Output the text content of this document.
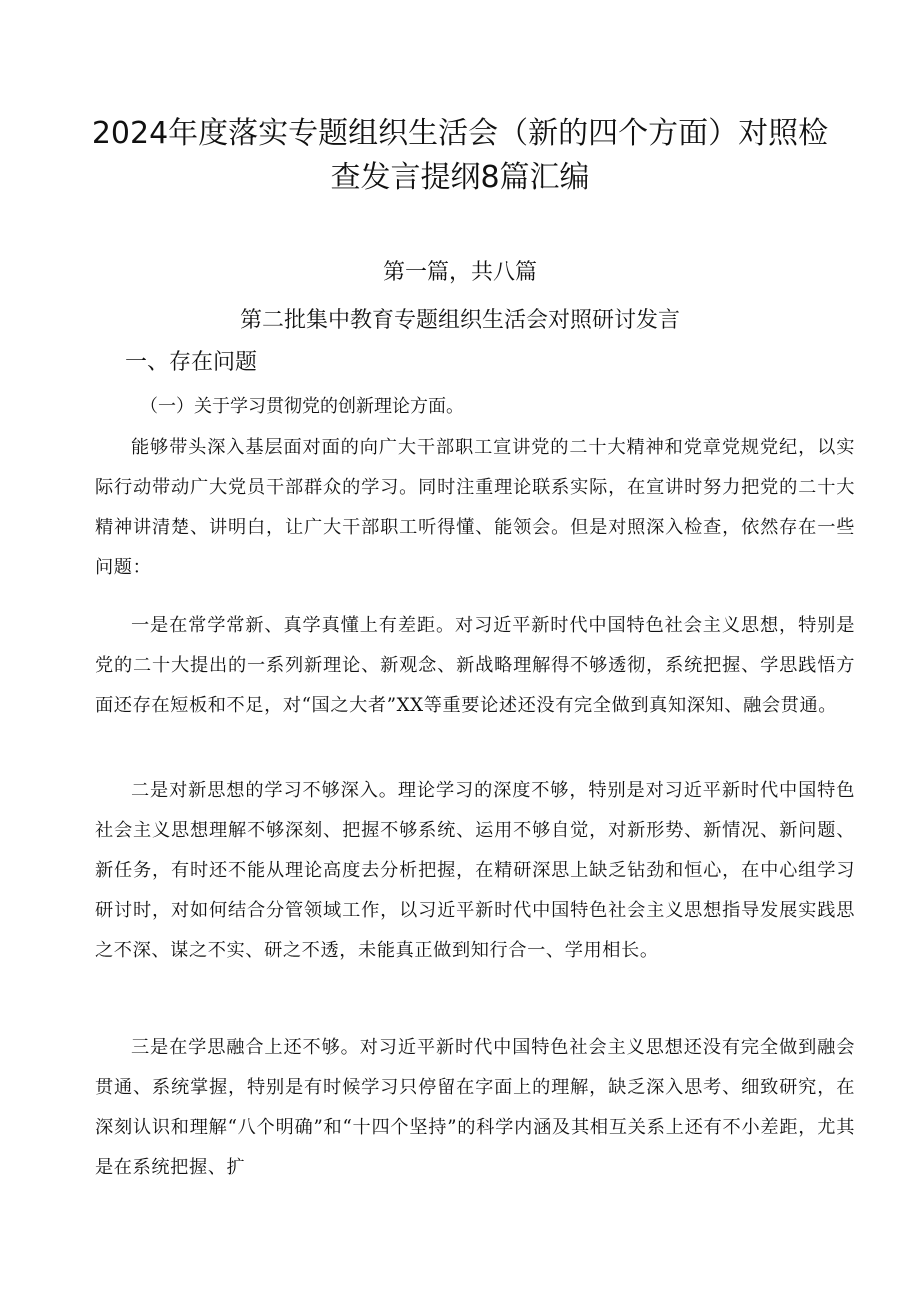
2024年度落实专题组织生活会（新的四个方面）对照检查发言提纲8篇汇编
第一篇，共八篇
第二批集中教育专题组织生活会对照研讨发言
一、存在问题

（一）关于学习贯彻党的创新理论方面。

能够带头深入基层面对面的向广大干部职工宣讲党的二十大精神和党章党规党纪，以实际行动带动广大党员干部群众的学习。同时注重理论联系实际，在宣讲时努力把党的二十大精神讲清楚、讲明白，让广大干部职工听得懂、能领会。但是对照深入检查，依然存在一些问题：

一是在常学常新、真学真懂上有差距。对习近平新时代中国特色社会主义思想，特别是党的二十大提出的一系列新理论、新观念、新战略理解得不够透彻，系统把握、学思践悟方面还存在短板和不足，对“国之大者”XX等重要论述还没有完全做到真知深知、融会贯通。

二是对新思想的学习不够深入。理论学习的深度不够，特别是对习近平新时代中国特色社会主义思想理解不够深刻、把握不够系统、运用不够自觉，对新形势、新情况、新问题、新任务，有时还不能从理论高度去分析把握，在精研深思上缺乏钻劲和恒心，在中心组学习研讨时，对如何结合分管领域工作，以习近平新时代中国特色社会主义思想指导发展实践思之不深、谋之不实、研之不透，未能真正做到知行合一、学用相长。

三是在学思融合上还不够。对习近平新时代中国特色社会主义思想还没有完全做到融会贯通、系统掌握，特别是有时候学习只停留在字面上的理解，缺乏深入思考、细致研究，在深刻认识和理解“八个明确”和“十四个坚持”的科学内涵及其相互关系上还有不小差距，尤其是在系统把握、扩
